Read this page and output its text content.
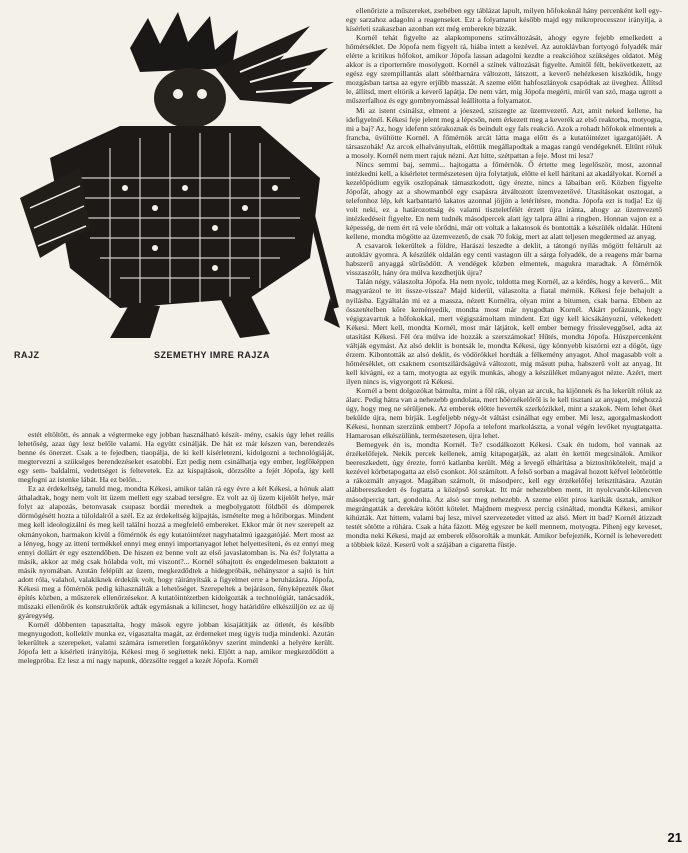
RAJZ	SZEMETHY IMRE RAJZA

estét eltöltött, és annak a végtermeke egy jobban használható készít- mény, csakis úgy lehet reális lehetőség, azaz úgy lesz belőle valami. Ha együtt csinálják. De hát ez már készen van, berendezés benne és önerzet. Csak a te fejedben, tiaopálja, de ki kell kísérletezni, kidolgozni a technológiáját, megtervezni a szükséges berendezéseket esatobbi. Ezt pedig nem csinálhatja egy ember, legfőképpen egy sem- baldalmi, vedettséget is feltevetek. Ez az kispajtások, dörzsölte a fejét Jópofa, így kell megfogni az istenke lábát. Ha ez belőn...

Ez az érdekeltség, tanuld meg, mondta Kékesi, amikor talán rá egy évre a két Kékesi, a hónuk alatt áthaladtak, hogy nem volt itt üzem mellett egy szabad terségre. Ez volt az új üzem kijelölt helye, már folyt az alapozás, betonvasak csupasz bordái meredtek a megbolygatott földből és dömperek dörmögésétt hozta a túloldalról a szél. Ez az érdekeltség kijpajtás, ismételte meg a hőriborgas. Mindent meg kell ideologizálni és meg kell találni hozzá a megfelelő embereket. Ekkor már öt nev szerepelt az okmányokon, harmakon kívül a főmérnök és egy kutatóintézet nagyhatalmú igazgatójáé. Mert most az a lényeg, hogy az ittení termékkel ennyi meg ennyi importanyagot lehet helyettesíteni, és ez ennyi meg ennyi dollárt ér egy esztendőben. De hiszen ez benne volt az első javaslatomban is. Na és? folytatta a másik, akkor az még csak hólabda volt, mi viszont?... Kornél sóhajtott és engedelmesen baktatott a másik nyomában. Azután felépült az üzem, megkezdődtek a hidegpróbák, néhányszor a sajtó is hírt adott róla, valahol, valakiknek érdekük volt, hogy ráirányítsák a figyelmet erre a beruházásra. Jópofa, Kékesi meg a főmérnök pedig kihasználták a lehetőséget. Szerepeltek a bejáráson, fényképezték őket építés közben, a műszerek ellenőrzésekor. A kutatóintézetben kidolgozták a technológiát, tanácsadók, műszaki ellenőrök és konstruktőrök adták egymásnak a kilincset, hogy határidőre elkészüljön ez az új gyáregység.

Kornél döbbenten tapasztalta, hogy mások egyre jobban kisajátítják az ötletét, és később megnyugodott, kollektív munka ez, vigasztalta magát, az érdemeket meg úgyis tudja mindenki. Azután lekerültek a szerepeket, valami számára ismeretlen forgatókönyv szerint mindenki a helyére került. Jópofa lett a kísérleti irányítója, Kékesi meg ő segítettek neki. Eljött a nap, amikor megkezdődött a melegpróba. Ez lesz a mi nagy napunk, dörzsölte reggel a kezét Jópofa. Kornél

ellenőrizte a műszereket, zsebében egy táblázat lapult, milyen hőfokoknál hány percenként kell egy-egy sarzahoz adagolni a reagenseket. Ezt a folyamatot később majd egy mikroprocesszor irányítja, a kísérleti szakaszban azonban ezt még emberekre bízzák.

Kornél tehát figyelte az alapkomponens színváltozását, ahogy egyre fejebb emelkedett a hőmérséklet. De Jópofa nem figyelt rá, hiába intett a kezével. Az autoklávban fortyogó folyadék már elérte a kritikus hőfokot, amikor Jópofa lassan adagolni kezdte a reakcióhoz szükséges oldatot. Még akkor is a riporternőre mosolygott. Kornél a színek változását figyelte. Amitől félt, bekövetkezett, az egész egy szempillantás alatt sötétbarnára változott, látszott, a keverő nehézkesen kiszkódik, hogy mozgásban tartsa az egyre erjűbb masszát. A szeme előtt habfoszlányok csapódtak az üveghez. Állítsd le, állítsd, mert eltörik a keverő lapátja. De nem várt, míg Jópofa megérti, miről van szó, maga ugrott a műszerfalhoz és egy gombnyomással leállította a folyamatot.

Mi az istent csinálsz, elment a jóeszed, sziszegte az üzemvezető. Azt, amit neked kellene, ha idefigyelnél. Kékesi feje jelent meg a lépcsőn, nem érkezett meg a keverék az első reaktorba, motyogta, mi a baj? Az, hogy idefenn szórakoznak és beindult egy fals reakció. Azok a rohadt hőfokok elmentek a francba, üvöltötte Kornél. A főmérnök arcát látta maga előtt és a kutatóintézet igazgatójáét. A társaszobák! Az arcok elhalványultak, előttük megállapodtak a magas rangú vendégeknél. Eltűnt róluk a mosoly. Kornél nem mert rajuk nézni. Azt hitte, szétpattan a feje. Most mi lesz?

Nincs semmi baj, semmi... hajtogatta a főmérnök. Ő értette meg legelőször, most, azonnal intézkedni kell, a kísérletet természetesen újra folytatjuk, előtte el kell hárítani az akadályokat. Kornél a kezelőpódium egyik oszlopának támaszkodott, úgy érezte, nincs a lábaiban erő. Közben figyelte Jópofát, ahogy az a showmanból egy csapásra átváltozott üzemvezetővé. Utasításokat osztogat, a telefonhoz lép, két karbantartó lakatos azonnal jöjjön a letérítésre, mondta. Jópofa ezt is tudja! Ez új volt neki, ez a határozottság és valami tiszteletfélét érzett újra iránta, ahogy az üzemvezető intézkedéseit figyelte. En nem tudnék másodpercek alatt így talpra állni a ringben. Honnan vajon ez a képesség, de nem ért rá vele törődni, már ott voltak a lakatosok és bontották a készülék oldalát. Hűteni kellene, mondta mögötte az üzemvezető, de csak 70 fokig, mert az alatt teljesen megdermed az anyag.

A csavarok lekerültek a földre, Harászi leszedte a deklit, a tátongó nyílás mögött feltárult az autokláv gyomra. A készülék oldalán egy centi vastagon ült a sárga folyadék, de a reagens már barna habszerű anyaggá sűrűsödött. A vendégek közben elmentek, magukra maradtak. A főmérnök visszaszólt, hány óra múlva kezdhetjük újra?

Talán négy, válaszolta Jópofa. Ha nem nyolc, toldotta meg Kornél, az a kérdés, hogy a keverő... Mit magyarázol te itt össze-vissza? Majd kiderül, válaszolta a fiatal mérnök. Kékesi feje behajolt a nyílásba. Egyáltalán mi ez a massza, nézett Kornélra, olyan mint a bitumen, csak barna. Ebben az összetételben kőre keményedik, mondta most már nyugodtan Kornél. Akárt pofázunk, hogy végigzavartuk a hőfokokkal, mert végigszámoltam mindent. Ezt úgy kell kicsákányozni, vélekedett Kékesi. Mert kell, mondta Kornél, most már látjátok, kell ember bemegy frissleveggősel, adta az utasítást Kékesi. Fél óra múlva ide hozzák a szerszámokat! Hűtés, mondta Jópofa. Húszpercenként váltják egymást. Az alsó deklit is bontsák le, mondta Kékesi, úgy könnyebb kiszórni ezt a dögöt, úgy érzem. Kibontották az alsó deklit, és vödörökkel hordták a félkemény anyagot. Ahol magasabb volt a hőmérséklet, ott csaknem csontszilárdságúvá változott, míg másutt puha, habszerű volt az anyag. Itt kell kivágni, ez a tam, motyogta az egyik munkás, ahogy a készüléket műanyagot nézte. Azért, mert ilyen nincs is, vigyorgott rá Kékesi.

Kornél a bent dolgozókat bámulta, mint a föl rák, olyan az arcuk, ha kijönnek és ha lekerült róluk az álarc. Pedig hátra van a nehezebb gondolata, mert hőérzékelőről is le kell tisztani az anyagot, méghozzá úgy, hogy meg ne sérüljenek. Az emberek előtte heverték szerkózikkel, mint a szakok. Nem lehet őket bekülde újra, nem bírják. Legfeljebb négy-öt váltást csinálhat egy ember. Mi lesz, agorgalmaskodott Kékesi, honnan szerzünk embert? Jópofa a telefont markolászta, a vonal végén levőket nyugtatgatta. Hamarosan elkészülünk, természetesen, újra lehet.

Bemegyek én is, mondta Kornél. Te? csodálkozott Kékesi. Csak én tudom, hol vannak az érzékelőfejek. Nekik percek kellenek, amíg kitapogatják, az alatt én kettőt megcsinálok. Amikor beereszkedett, úgy érezte, forró katlanba került. Még a levegő elhárítása a biztosítóköteleit, majd a kezével körbetapogatta az első csonkot. Jól számított. A felső sorban a magával hozott kéfvel leötöröttle a rákozmált anyagot. Magában számolt, öt másodperc, kell egy érzékelőfej letisztítására. Azután alábbereszkedett és fogtatta a középső sorokat. Itt már nehezebben ment, itt nyolcvanöt-kilencven másodpercig tart, gondolta. Az alsó sor meg nehezebb. A szeme előtt piros karikák úsztak, amikor megrángatták a derekára kötött kötelet. Majdnem megvesz percig csináltad, mondta Kékesi, amikor kihúzták. Azt hittem, valami baj lesz, mivel szervezetedet vitted az alsó. Mert itt bad? Kornél átizzadt testét sötötte a rúhára. Csak a háta fázott. Még egyszer be kell mennem, motyogta. Pihenj egy keveset, mondta neki Kékesi, majd az emberek elősorolták a munkát. Amikor befejezték, Kornél is leheveredett a többiek közé. Keserű volt a szájában a cigaretta füstje.

21
